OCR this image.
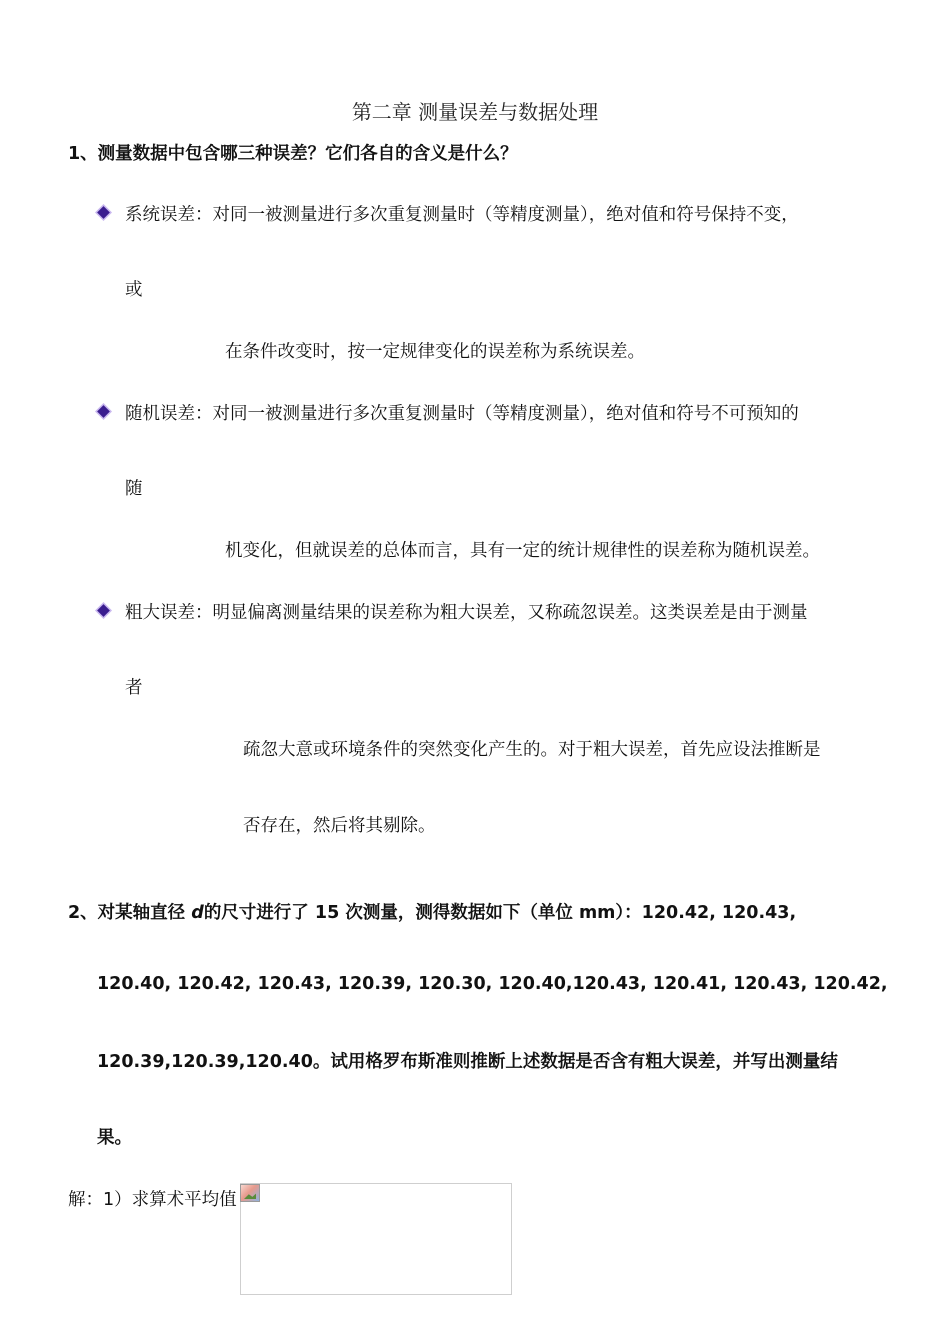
第二章 测量误差与数据处理
1、测量数据中包含哪三种误差？它们各自的含义是什么？
系统误差：对同一被测量进行多次重复测量时（等精度测量），绝对值和符号保持不变，
或
在条件改变时，按一定规律变化的误差称为系统误差。
随机误差：对同一被测量进行多次重复测量时（等精度测量），绝对值和符号不可预知的
随
机变化，但就误差的总体而言，具有一定的统计规律性的误差称为随机误差。
粗大误差：明显偏离测量结果的误差称为粗大误差，又称疏忽误差。这类误差是由于测量
者
疏忽大意或环境条件的突然变化产生的。对于粗大误差，首先应设法推断是
否存在，然后将其剔除。
2、对某轴直径 d的尺寸进行了 15 次测量，测得数据如下（单位 mm）：120.42, 120.43,
120.40, 120.42, 120.43, 120.39, 120.30, 120.40,120.43, 120.41, 120.43, 120.42,
120.39,120.39,120.40。试用格罗布斯准则推断上述数据是否含有粗大误差，并写出测量结
果。
解：1）求算术平均值
